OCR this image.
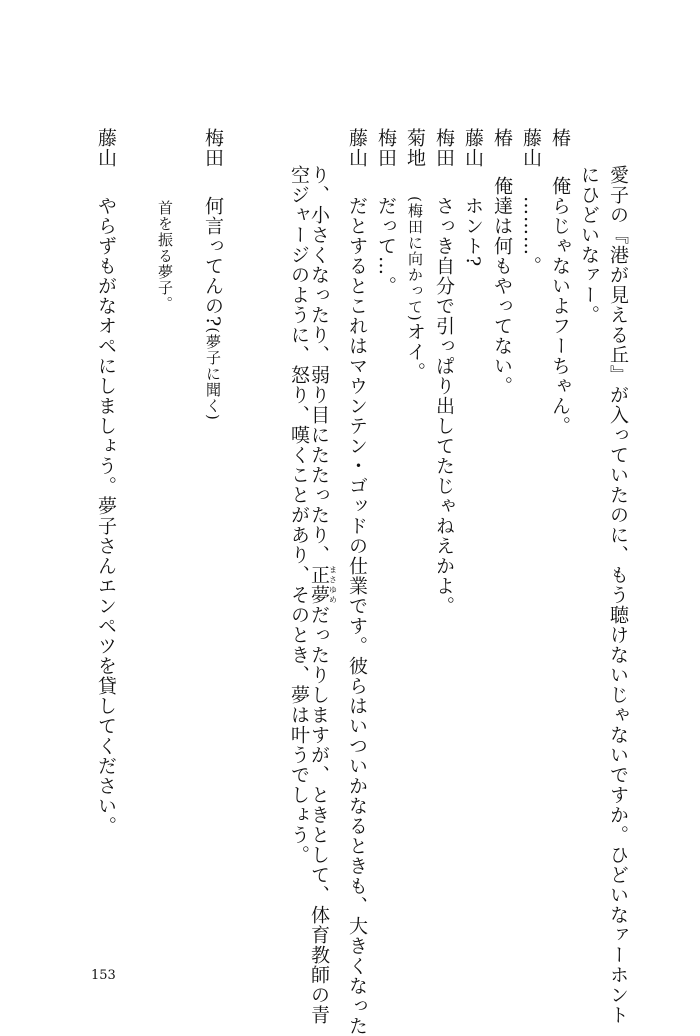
愛子の『港が見える丘』が入っていたのに、もう聴けないじゃないですか。ひどいなァーホント
にひどいなァー。
椿俺らじゃないよフーちゃん。
藤山………。
椿俺達は何もやってない。
藤山ホント?
梅田さっき自分で引っぱり出してたじゃねえかよ。
菊地(梅田に向かって)オイ。
梅田だって…。
藤山だとするとこれはマウンテン・ゴッドの仕業です。彼らはいついかなるときも、大きくなった
り、小さくなったり、弱り目にたたったり、正夢まさゆめだったりしますが、ときとして、体育教師の青
空ジャージのように、怒り、嘆くことがあり、そのとき、夢は叶うでしょう。
梅田何言ってんの?(夢子に聞く)
首を振る夢子。
藤山やらずもがなオペにしましょう。夢子さんエンペツを貸してください。
153
